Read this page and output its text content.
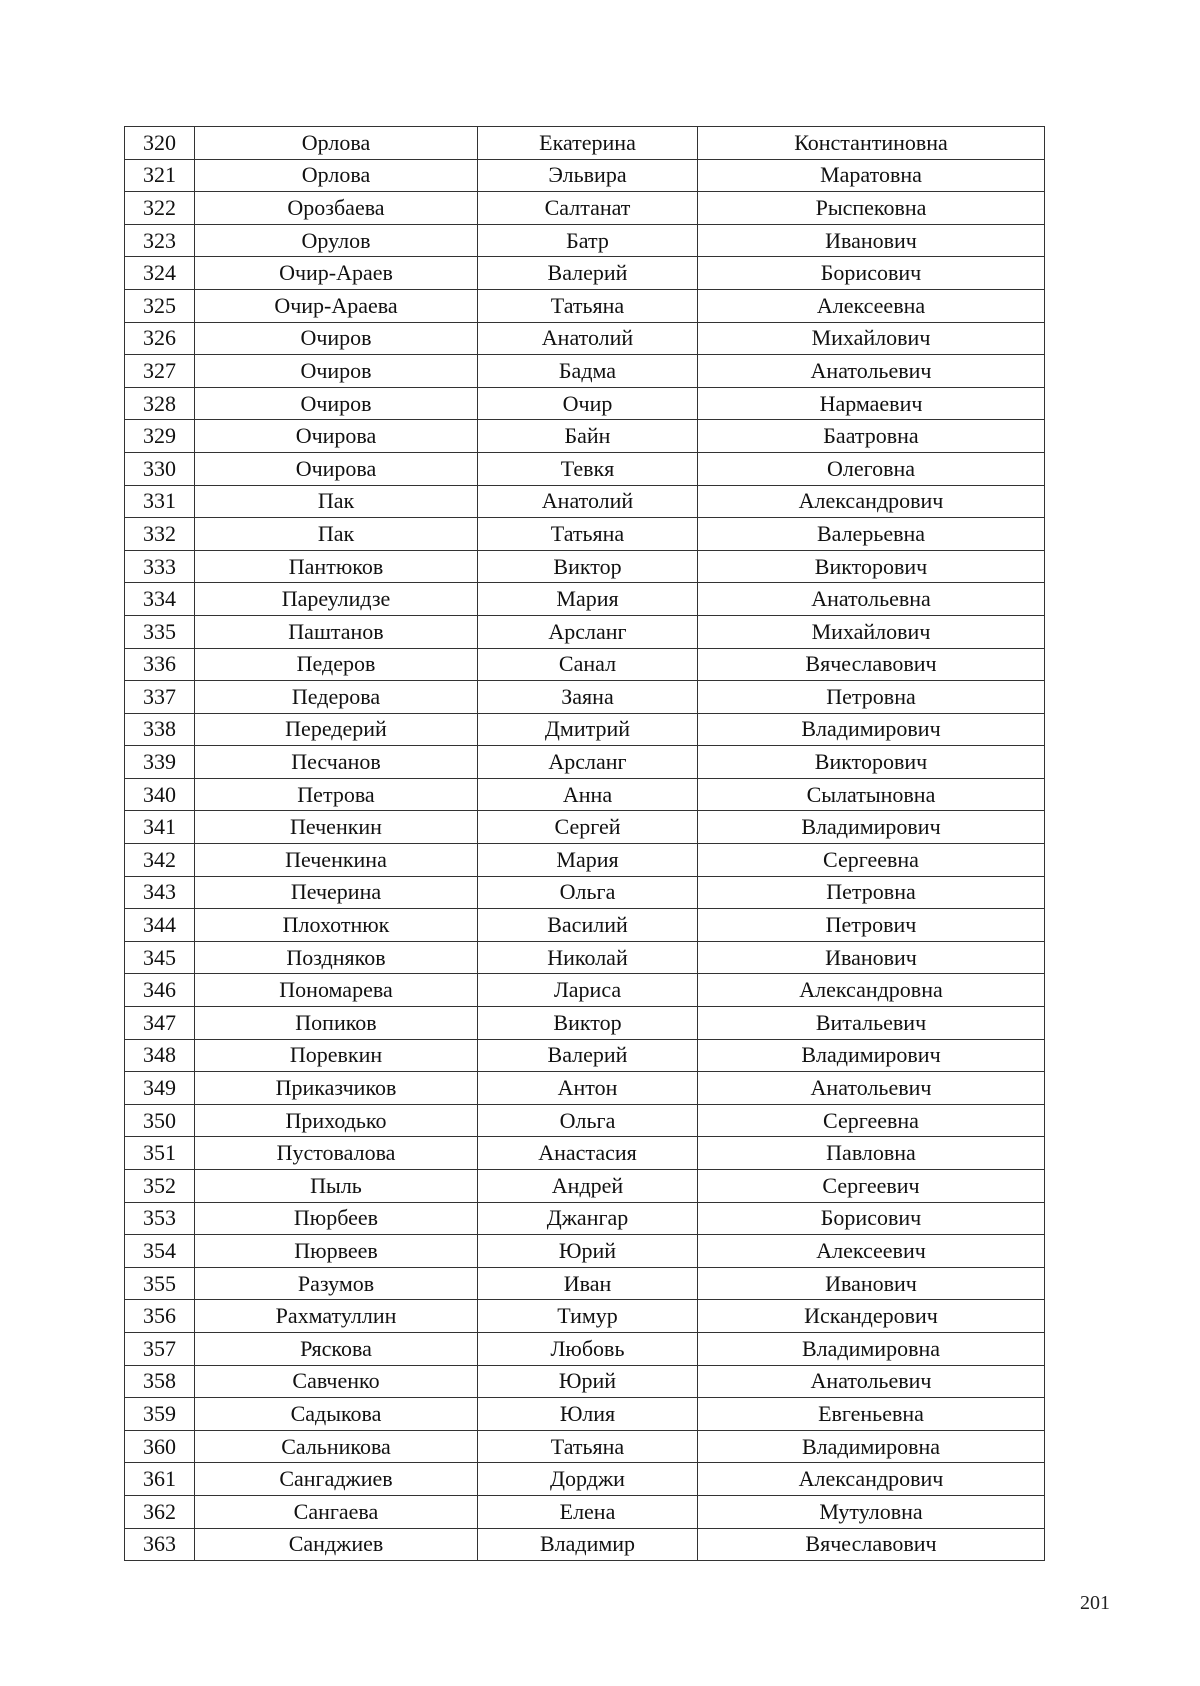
320	Орлова	Екатерина	Константиновна
321	Орлова	Эльвира	Маратовна
322	Орозбаева	Салтанат	Рыспековна
323	Орулов	Батр	Иванович
324	Очир-Араев	Валерий	Борисович
325	Очир-Араева	Татьяна	Алексеевна
326	Очиров	Анатолий	Михайлович
327	Очиров	Бадма	Анатольевич
328	Очиров	Очир	Нармаевич
329	Очирова	Байн	Баатровна
330	Очирова	Тевкя	Олеговна
331	Пак	Анатолий	Александрович
332	Пак	Татьяна	Валерьевна
333	Пантюков	Виктор	Викторович
334	Пареулидзе	Мария	Анатольевна
335	Паштанов	Арсланг	Михайлович
336	Педеров	Санал	Вячеславович
337	Педерова	Заяна	Петровна
338	Передерий	Дмитрий	Владимирович
339	Песчанов	Арсланг	Викторович
340	Петрова	Анна	Сылатыновна
341	Печенкин	Сергей	Владимирович
342	Печенкина	Мария	Сергеевна
343	Печерина	Ольга	Петровна
344	Плохотнюк	Василий	Петрович
345	Поздняков	Николай	Иванович
346	Пономарева	Лариса	Александровна
347	Попиков	Виктор	Витальевич
348	Поревкин	Валерий	Владимирович
349	Приказчиков	Антон	Анатольевич
350	Приходько	Ольга	Сергеевна
351	Пустовалова	Анастасия	Павловна
352	Пыль	Андрей	Сергеевич
353	Пюрбеев	Джангар	Борисович
354	Пюрвеев	Юрий	Алексеевич
355	Разумов	Иван	Иванович
356	Рахматуллин	Тимур	Искандерович
357	Ряскова	Любовь	Владимировна
358	Савченко	Юрий	Анатольевич
359	Садыкова	Юлия	Евгеньевна
360	Сальникова	Татьяна	Владимировна
361	Сангаджиев	Дорджи	Александрович
362	Сангаева	Елена	Мутуловна
363	Санджиев	Владимир	Вячеславович
201
